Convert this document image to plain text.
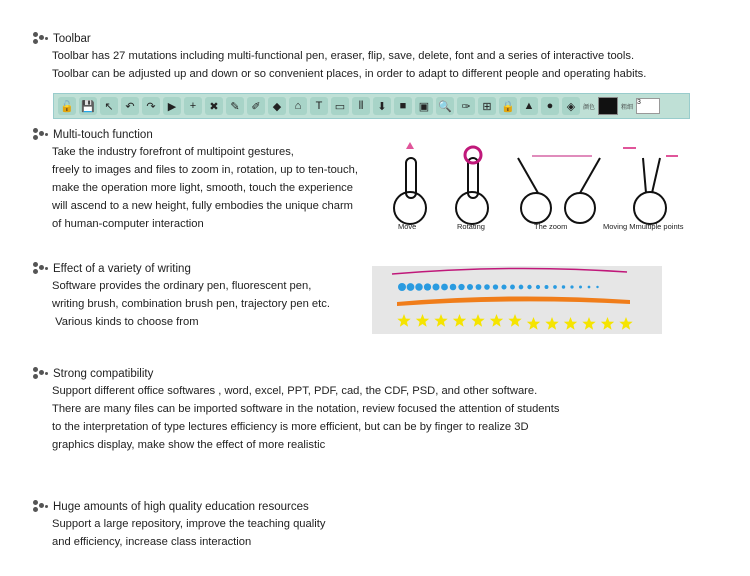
Toolbar
Toolbar has 27 mutations including multi-functional pen, eraser, flip, save, delete, font and a series of interactive tools.
Toolbar can be adjusted up and down or so convenient places, in order to adapt to different people and operating habits.
🔓 💾 ↖	↶	↷	▶	+	✖	✎	✐	◆	⌂	T	▭	⫴	⬇	■	▣ 🔍 ✑	⊞ 🔒 ▲	●	◈	颜色	粗细
3
Multi-touch function
Take the industry forefront of multipoint gestures,
freely to images and files to zoom in, rotation, up to ten-touch,
make the operation more light, smooth, touch the experience
will ascend to a new height, fully embodies the unique charm
of human-computer interaction	Move	Rotating	The zoom	Moving Mmultiple points
Effect of a variety of writing
Software provides the ordinary pen, fluorescent pen,
writing brush, combination brush pen, trajectory pen etc.
Various kinds to choose from
Strong compatibility
Support different office softwares , word, excel, PPT, PDF, cad, the CDF, PSD, and other software.
There are many files can be imported software in the notation, review focused the attention of students
to the interpretation of type lectures efficiency is more efficient, but can be by finger to realize 3D
graphics display, make show the effect of more realistic
Huge amounts of high quality education resources
Support a large repository, improve the teaching quality
and efficiency, increase class interaction
